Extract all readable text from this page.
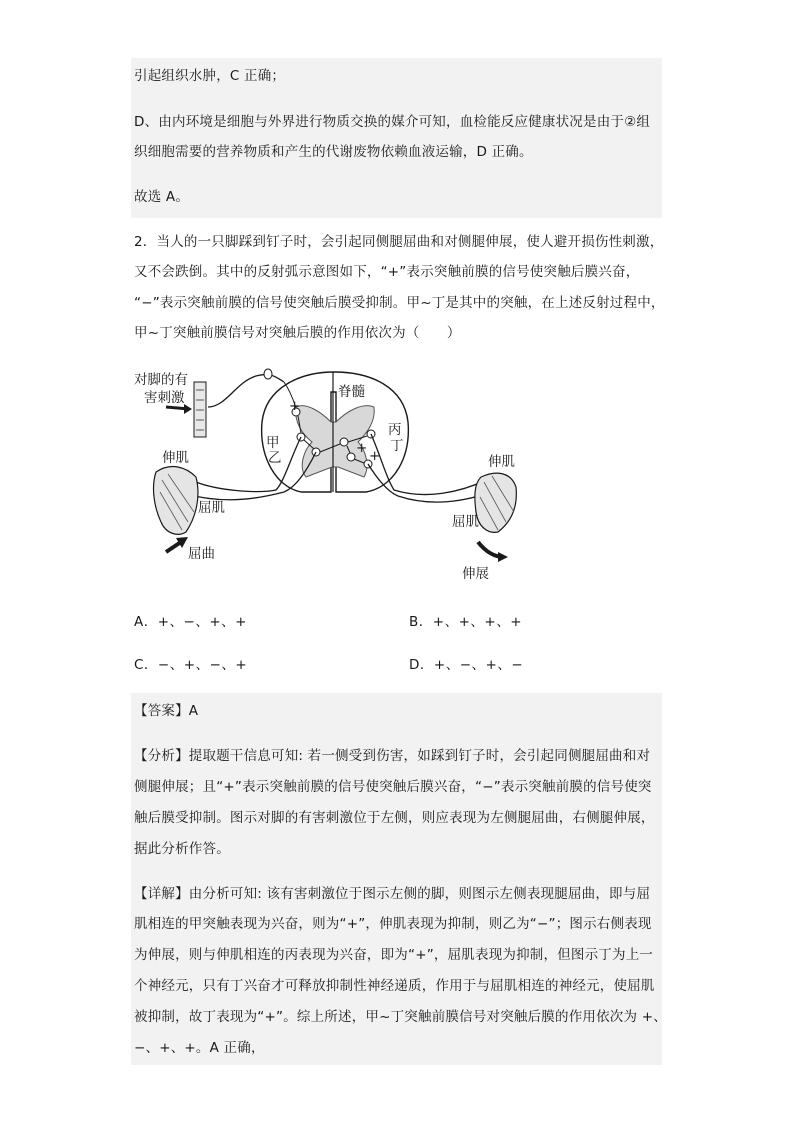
引起组织水肿，C 正确；
D、由内环境是细胞与外界进行物质交换的媒介可知，血检能反应健康状况是由于②组
织细胞需要的营养物质和产生的代谢废物依赖血液运输，D 正确。
故选 A。
2．当人的一只脚踩到钉子时，会引起同侧腿屈曲和对侧腿伸展，使人避开损伤性刺激，
又不会跌倒。其中的反射弧示意图如下，“+”表示突触前膜的信号使突触后膜兴奋，
“−”表示突触前膜的信号使突触后膜受抑制。甲~丁是其中的突触，在上述反射过程中，
甲~丁突触前膜信号对突触后膜的作用依次为（　　）
+
+ +
对脚的有
害刺激	脊髓
甲
乙
丙
丁
伸肌
屈肌
屈曲
伸肌
屈肌
伸展
A．+、−、+、+	B．+、+、+、+
C．−、+、−、+	D．+、−、+、−
【答案】A
【分析】提取题干信息可知: 若一侧受到伤害，如踩到钉子时，会引起同侧腿屈曲和对
侧腿伸展；且“+”表示突触前膜的信号使突触后膜兴奋，“−”表示突触前膜的信号使突
触后膜受抑制。图示对脚的有害刺激位于左侧，则应表现为左侧腿屈曲，右侧腿伸展，
据此分析作答。
【详解】由分析可知: 该有害刺激位于图示左侧的脚，则图示左侧表现腿屈曲，即与屈
肌相连的甲突触表现为兴奋，则为“+”，伸肌表现为抑制，则乙为“−”；图示右侧表现
为伸展，则与伸肌相连的丙表现为兴奋，即为“+”，屈肌表现为抑制，但图示丁为上一
个神经元，只有丁兴奋才可释放抑制性神经递质，作用于与屈肌相连的神经元，使屈肌
被抑制，故丁表现为“+”。综上所述，甲~丁突触前膜信号对突触后膜的作用依次为 +、
−、+、+。A 正确，
